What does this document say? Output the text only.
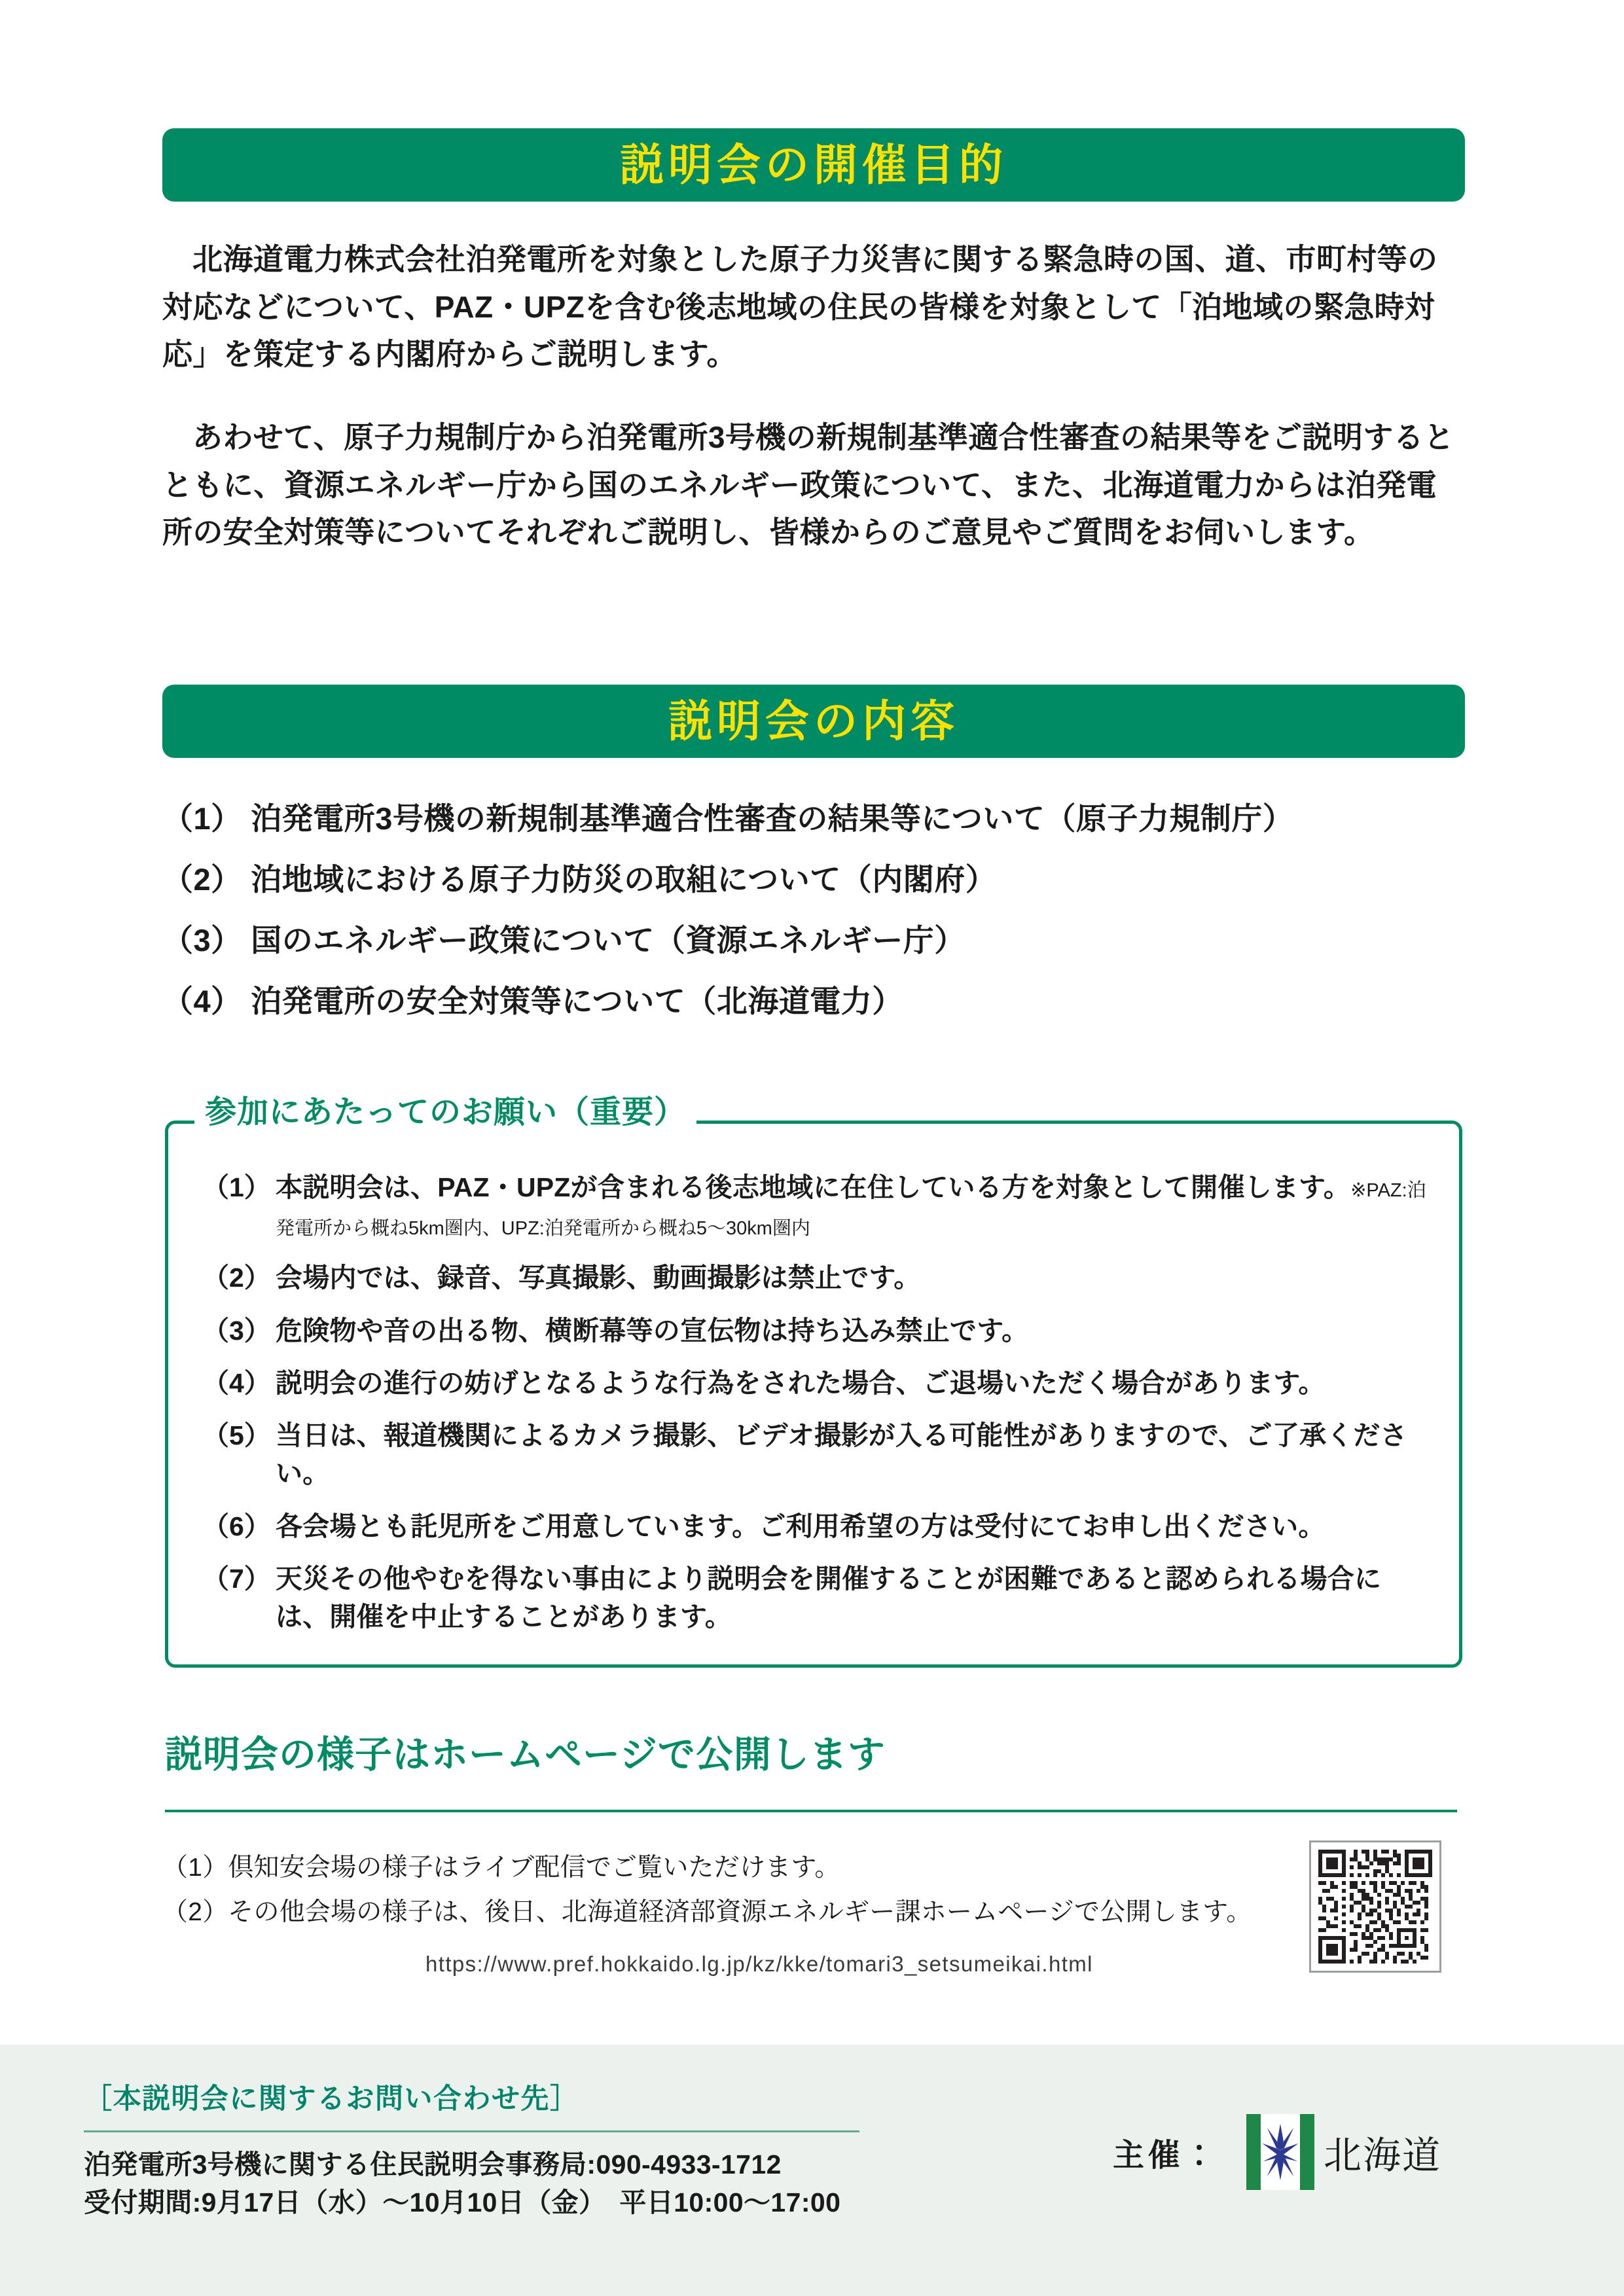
説明会の開催目的

北海道電力株式会社泊発電所を対象とした原子力災害に関する緊急時の国、道、市町村等の対応などについて、PAZ・UPZを含む後志地域の住民の皆様を対象として「泊地域の緊急時対応」を策定する内閣府からご説明します。

あわせて、原子力規制庁から泊発電所3号機の新規制基準適合性審査の結果等をご説明するとともに、資源エネルギー庁から国のエネルギー政策について、また、北海道電力からは泊発電所の安全対策等についてそれぞれご説明し、皆様からのご意見やご質問をお伺いします。

説明会の内容
（1） 泊発電所3号機の新規制基準適合性審査の結果等について（原子力規制庁）
（2） 泊地域における原子力防災の取組について（内閣府）
（3） 国のエネルギー政策について（資源エネルギー庁）
（4） 泊発電所の安全対策等について（北海道電力）
参加にあたってのお願い（重要）
（1） 本説明会は、PAZ・UPZが含まれる後志地域に在住している方を対象として開催します。※PAZ:泊発電所から概ね5km圏内、UPZ:泊発電所から概ね5〜30km圏内
（2） 会場内では、録音、写真撮影、動画撮影は禁止です。
（3） 危険物や音の出る物、横断幕等の宣伝物は持ち込み禁止です。
（4） 説明会の進行の妨げとなるような行為をされた場合、ご退場いただく場合があります。
（5） 当日は、報道機関によるカメラ撮影、ビデオ撮影が入る可能性がありますので、ご了承ください。
（6） 各会場とも託児所をご用意しています。ご利用希望の方は受付にてお申し出ください。
（7） 天災その他やむを得ない事由により説明会を開催することが困難であると認められる場合には、開催を中止することがあります。
説明会の様子はホームページで公開します
（1）倶知安会場の様子はライブ配信でご覧いただけます。
（2）その他会場の様子は、後日、北海道経済部資源エネルギー課ホームページで公開します。
https://www.pref.hokkaido.lg.jp/kz/kke/tomari3_setsumeikai.html
［本説明会に関するお問い合わせ先］
泊発電所3号機に関する住民説明会事務局:090-4933-1712
受付期間:9月17日（水）〜10月10日（金）　平日10:00〜17:00
主催：	北海道
